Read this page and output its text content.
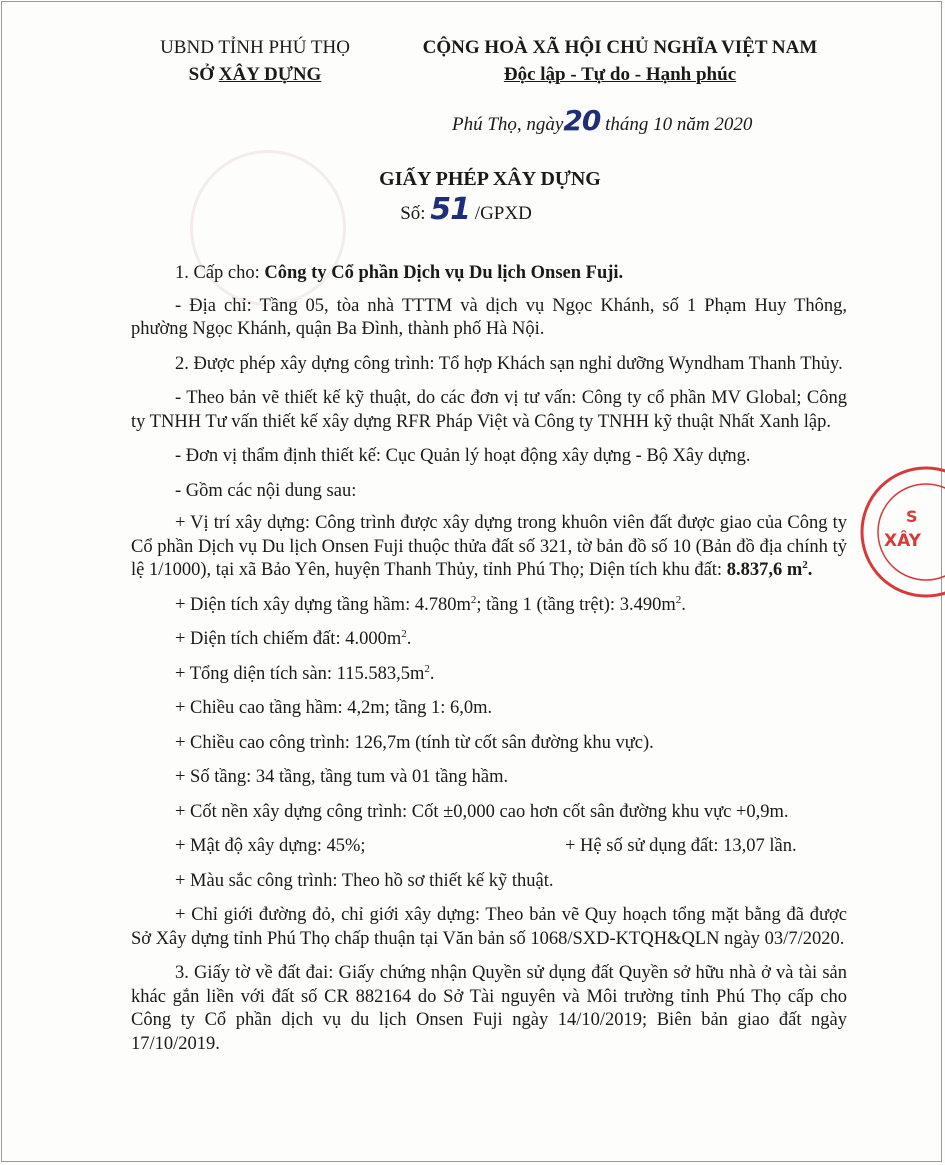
UBND TỈNH PHÚ THỌ
SỞ XÂY DỰNG
CỘNG HOÀ XÃ HỘI CHỦ NGHĨA VIỆT NAM
Độc lập - Tự do - Hạnh phúc
Phú Thọ, ngày20 tháng 10 năm 2020
GIẤY PHÉP XÂY DỰNG
Số: 51 /GPXD

1. Cấp cho: Công ty Cổ phần Dịch vụ Du lịch Onsen Fuji.

- Địa chỉ: Tầng 05, tòa nhà TTTM và dịch vụ Ngọc Khánh, số 1 Phạm Huy Thông, phường Ngọc Khánh, quận Ba Đình, thành phố Hà Nội.

2. Được phép xây dựng công trình: Tổ hợp Khách sạn nghỉ dưỡng Wyndham Thanh Thủy.

- Theo bản vẽ thiết kế kỹ thuật, do các đơn vị tư vấn: Công ty cổ phần MV Global; Công ty TNHH Tư vấn thiết kế xây dựng RFR Pháp Việt và Công ty TNHH kỹ thuật Nhất Xanh lập.

- Đơn vị thẩm định thiết kế: Cục Quản lý hoạt động xây dựng - Bộ Xây dựng.

- Gồm các nội dung sau:

+ Vị trí xây dựng: Công trình được xây dựng trong khuôn viên đất được giao của Công ty Cổ phần Dịch vụ Du lịch Onsen Fuji thuộc thửa đất số 321, tờ bản đồ số 10 (Bản đồ địa chính tỷ lệ 1/1000), tại xã Bảo Yên, huyện Thanh Thủy, tỉnh Phú Thọ; Diện tích khu đất: 8.837,6 $m^2$.

+ Diện tích xây dựng tầng hầm: $4.780m^2$; tầng 1 (tầng trệt): $3.490m^2$.

+ Diện tích chiếm đất: $4.000m^2$.

+ Tổng diện tích sàn: $115.583,5m^2$.

+ Chiều cao tầng hầm: 4,2m; tầng 1: 6,0m.

+ Chiều cao công trình: 126,7m (tính từ cốt sân đường khu vực).

+ Số tầng: 34 tầng, tầng tum và 01 tầng hầm.

+ Cốt nền xây dựng công trình: Cốt ±0,000 cao hơn cốt sân đường khu vực +0,9m.

+ Mật độ xây dựng: 45%;	+ Hệ số sử dụng đất: 13,07 lần.

+ Màu sắc công trình: Theo hồ sơ thiết kế kỹ thuật.

+ Chỉ giới đường đỏ, chỉ giới xây dựng: Theo bản vẽ Quy hoạch tổng mặt bằng đã được Sở Xây dựng tỉnh Phú Thọ chấp thuận tại Văn bản số 1068/SXD-KTQH&QLN ngày 03/7/2020.

3. Giấy tờ về đất đai: Giấy chứng nhận Quyền sử dụng đất Quyền sở hữu nhà ở và tài sản khác gắn liền với đất số CR 882164 do Sở Tài nguyên và Môi trường tỉnh Phú Thọ cấp cho Công ty Cổ phần dịch vụ du lịch Onsen Fuji ngày 14/10/2019; Biên bản giao đất ngày 17/10/2019.

XÂY
S
